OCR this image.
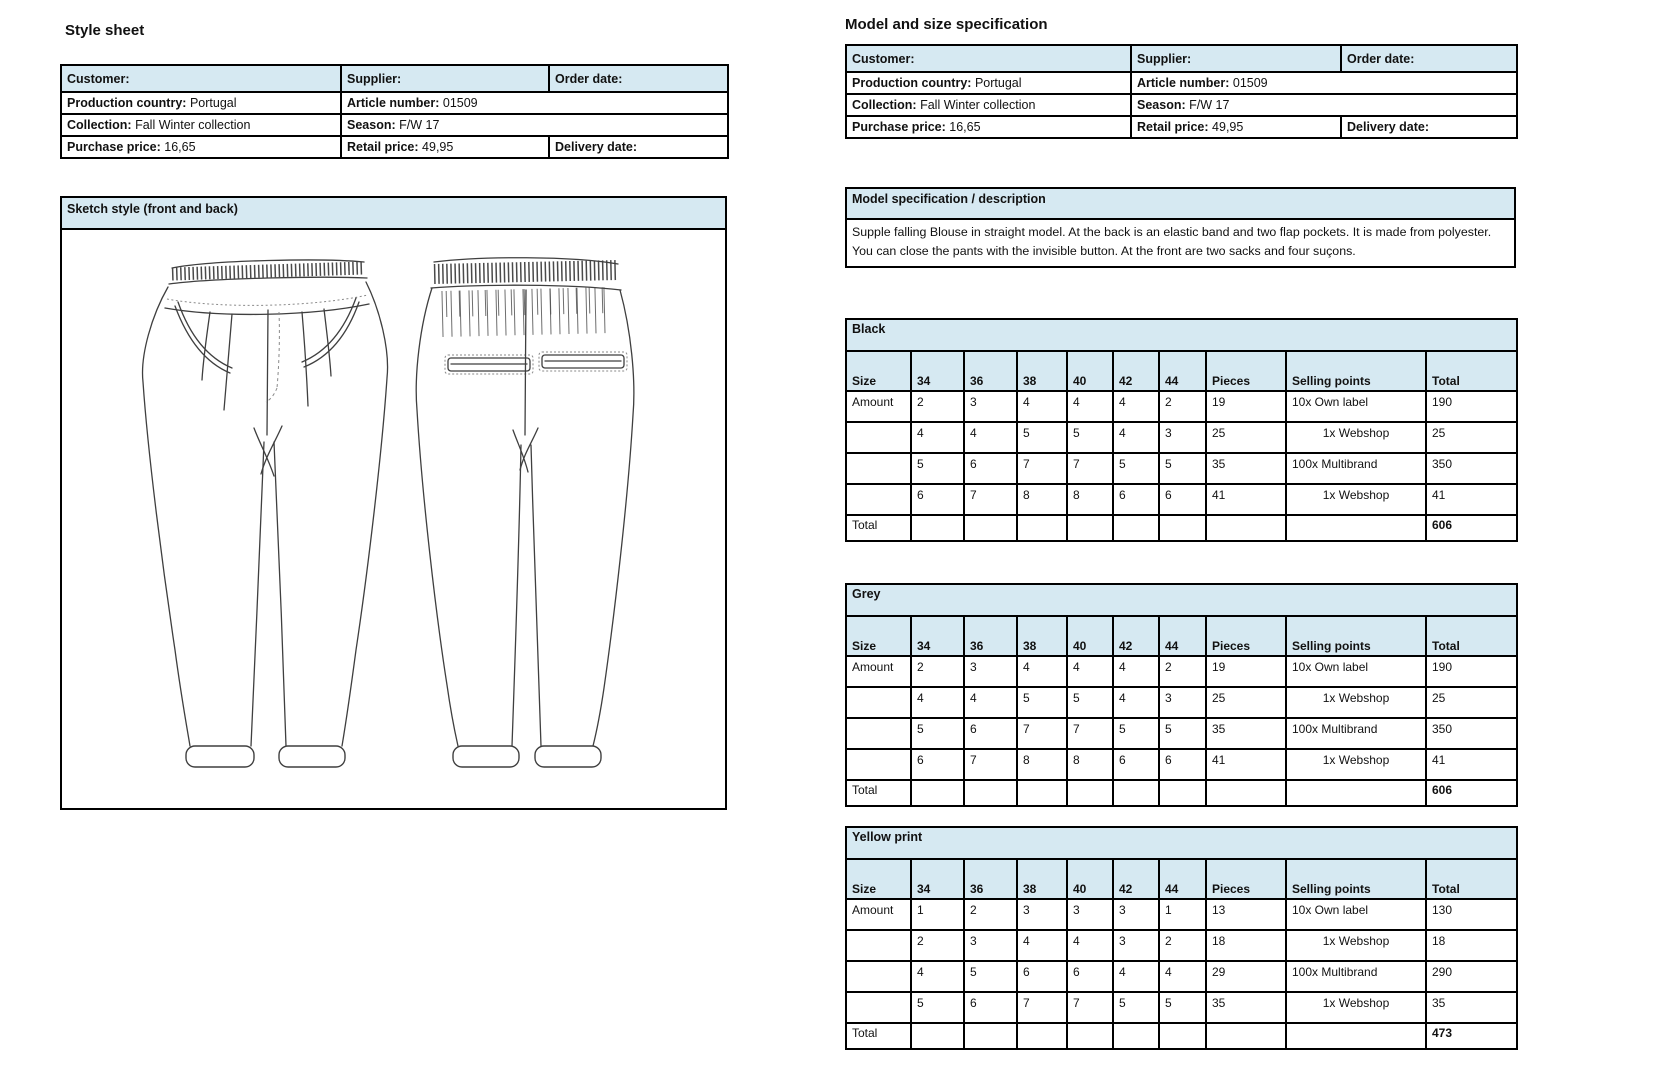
Style sheet
Customer:	Supplier:	Order date:
Production country: Portugal	Article number: 01509	
Collection: Fall Winter collection	Season: F/W 17	
Purchase price: 16,65	Retail price: 49,95	Delivery date:
Sketch style (front and back)
Model and size specification
Customer:	Supplier:	Order date:
Production country: Portugal	Article number: 01509	
Collection: Fall Winter collection	Season: F/W 17	
Purchase price: 16,65	Retail price: 49,95	Delivery date:
Model specification / description
Supple falling Blouse in straight model. At the back is an elastic band and two flap pockets. It is made from polyester. You can close the pants with the invisible button. At the front are two sacks and four suçons.
Black									
Size	34	36	38	40	42	44	Pieces	Selling points	Total
Amount	2	3	4	4	4	2	19	10x Own label	190
	4	4	5	5	4	3	25	1x Webshop	25
	5	6	7	7	5	5	35	100x Multibrand	350
	6	7	8	8	6	6	41	1x Webshop	41
Total									606
Grey									
Size	34	36	38	40	42	44	Pieces	Selling points	Total
Amount	2	3	4	4	4	2	19	10x Own label	190
	4	4	5	5	4	3	25	1x Webshop	25
	5	6	7	7	5	5	35	100x Multibrand	350
	6	7	8	8	6	6	41	1x Webshop	41
Total									606
Yellow print									
Size	34	36	38	40	42	44	Pieces	Selling points	Total
Amount	1	2	3	3	3	1	13	10x Own label	130
	2	3	4	4	3	2	18	1x Webshop	18
	4	5	6	6	4	4	29	100x Multibrand	290
	5	6	7	7	5	5	35	1x Webshop	35
Total									473
